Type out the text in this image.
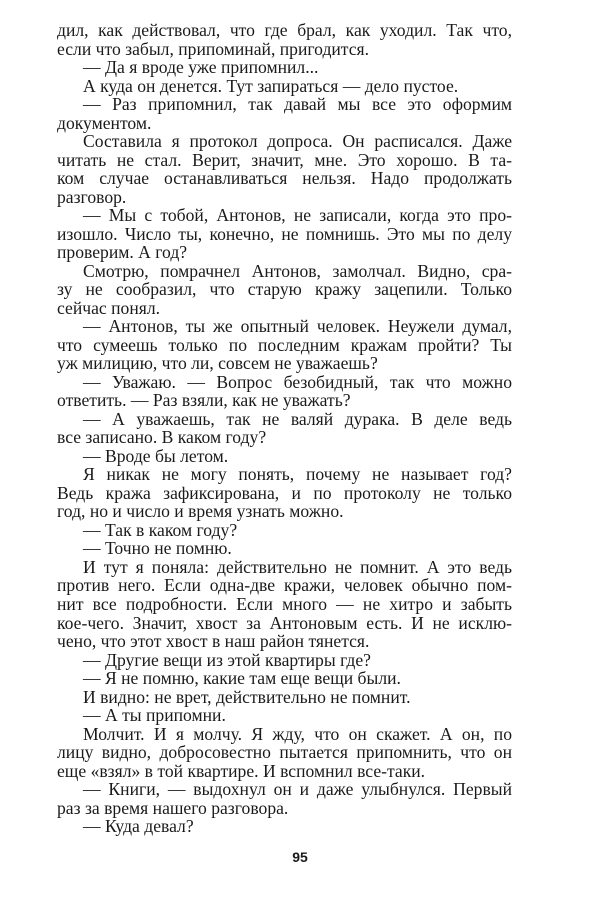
дил, как действовал, что где брал, как уходил. Так что,
если что забыл, припоминай, пригодится.
— Да я вроде уже припомнил...
А куда он денется. Тут запираться — дело пустое.
— Раз припомнил, так давай мы все это оформим
документом.
Составила я протокол допроса. Он расписался. Даже
читать не стал. Верит, значит, мне. Это хорошо. В та-
ком случае останавливаться нельзя. Надо продолжать
разговор.
— Мы с тобой, Антонов, не записали, когда это про-
изошло. Число ты, конечно, не помнишь. Это мы по делу
проверим. А год?
Смотрю, помрачнел Антонов, замолчал. Видно, сра-
зу не сообразил, что старую кражу зацепили. Только
сейчас понял.
— Антонов, ты же опытный человек. Неужели думал,
что сумеешь только по последним кражам пройти? Ты
уж милицию, что ли, совсем не уважаешь?
— Уважаю. — Вопрос безобидный, так что можно
ответить. — Раз взяли, как не уважать?
— А уважаешь, так не валяй дурака. В деле ведь
все записано. В каком году?
— Вроде бы летом.
Я никак не могу понять, почему не называет год?
Ведь кража зафиксирована, и по протоколу не только
год, но и число и время узнать можно.
— Так в каком году?
— Точно не помню.
И тут я поняла: действительно не помнит. А это ведь
против него. Если одна-две кражи, человек обычно пом-
нит все подробности. Если много — не хитро и забыть
кое-чего. Значит, хвост за Антоновым есть. И не исклю-
чено, что этот хвост в наш район тянется.
— Другие вещи из этой квартиры где?
— Я не помню, какие там еще вещи были.
И видно: не врет, действительно не помнит.
— А ты припомни.
Молчит. И я молчу. Я жду, что он скажет. А он, по
лицу видно, добросовестно пытается припомнить, что он
еще «взял» в той квартире. И вспомнил все-таки.
— Книги, — выдохнул он и даже улыбнулся. Первый
раз за время нашего разговора.
— Куда девал?
95
